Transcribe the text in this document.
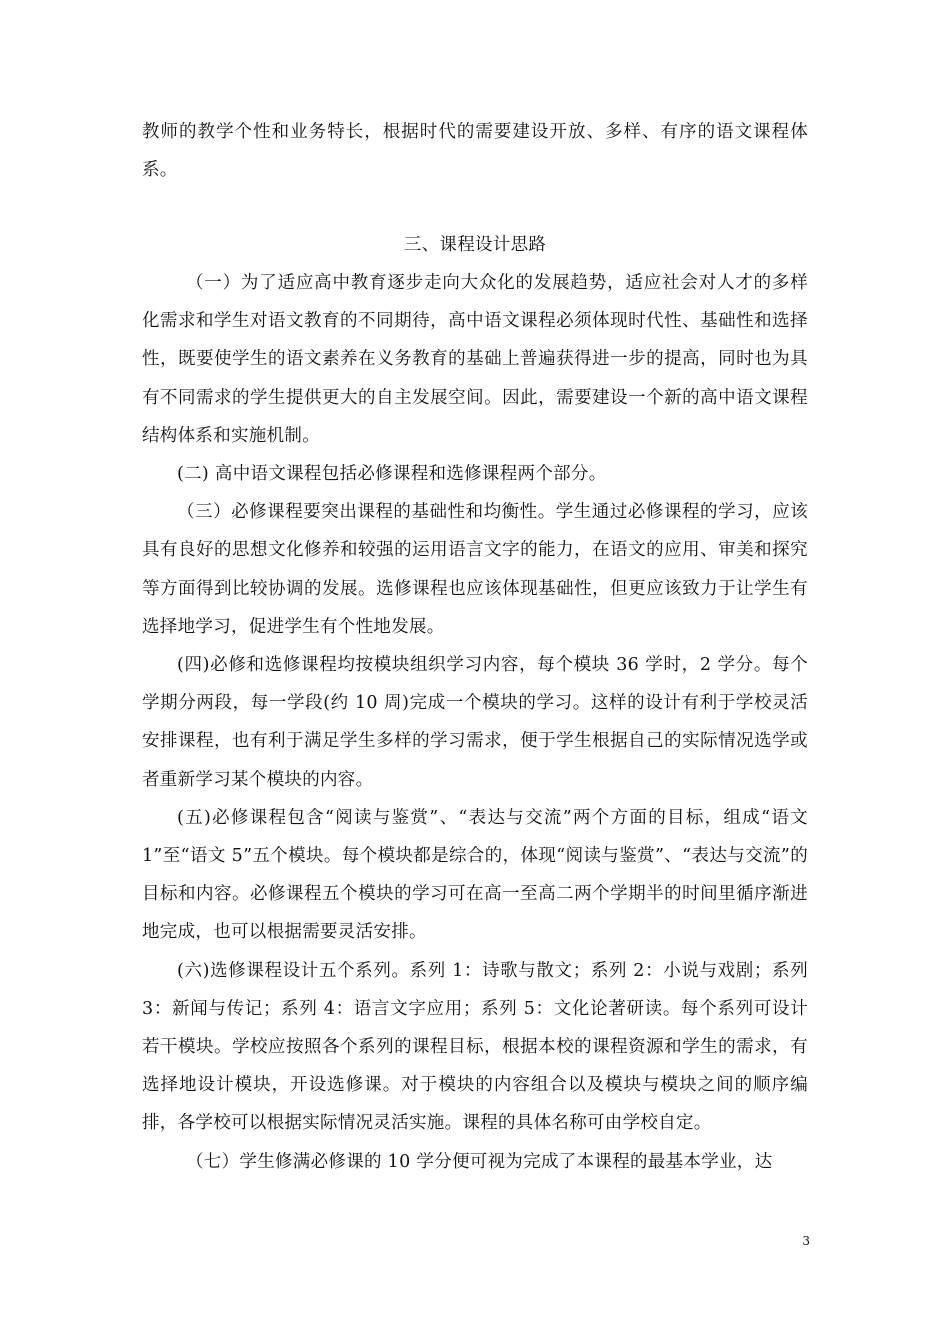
教师的教学个性和业务特长，根据时代的需要建设开放、多样、有序的语文课程体系。

三、课程设计思路

（一）为了适应高中教育逐步走向大众化的发展趋势，适应社会对人才的多样化需求和学生对语文教育的不同期待，高中语文课程必须体现时代性、基础性和选择性，既要使学生的语文素养在义务教育的基础上普遍获得进一步的提高，同时也为具有不同需求的学生提供更大的自主发展空间。因此，需要建设一个新的高中语文课程结构体系和实施机制。

(二) 高中语文课程包括必修课程和选修课程两个部分。

（三）必修课程要突出课程的基础性和均衡性。学生通过必修课程的学习，应该具有良好的思想文化修养和较强的运用语言文字的能力，在语文的应用、审美和探究等方面得到比较协调的发展。选修课程也应该体现基础性，但更应该致力于让学生有选择地学习，促进学生有个性地发展。

(四)必修和选修课程均按模块组织学习内容，每个模块 36 学时，2 学分。每个学期分两段，每一学段(约 10 周)完成一个模块的学习。这样的设计有利于学校灵活安排课程，也有利于满足学生多样的学习需求，便于学生根据自己的实际情况选学或者重新学习某个模块的内容。

(五)必修课程包含“阅读与鉴赏”、“表达与交流”两个方面的目标，组成“语文 1”至“语文 5”五个模块。每个模块都是综合的，体现“阅读与鉴赏”、“表达与交流”的目标和内容。必修课程五个模块的学习可在高一至高二两个学期半的时间里循序渐进地完成，也可以根据需要灵活安排。

(六)选修课程设计五个系列。系列 1：诗歌与散文；系列 2：小说与戏剧；系列 3：新闻与传记；系列 4：语言文字应用；系列 5：文化论著研读。每个系列可设计若干模块。学校应按照各个系列的课程目标，根据本校的课程资源和学生的需求，有选择地设计模块，开设选修课。对于模块的内容组合以及模块与模块之间的顺序编排，各学校可以根据实际情况灵活实施。课程的具体名称可由学校自定。

（七）学生修满必修课的 10 学分便可视为完成了本课程的最基本学业，达

3
